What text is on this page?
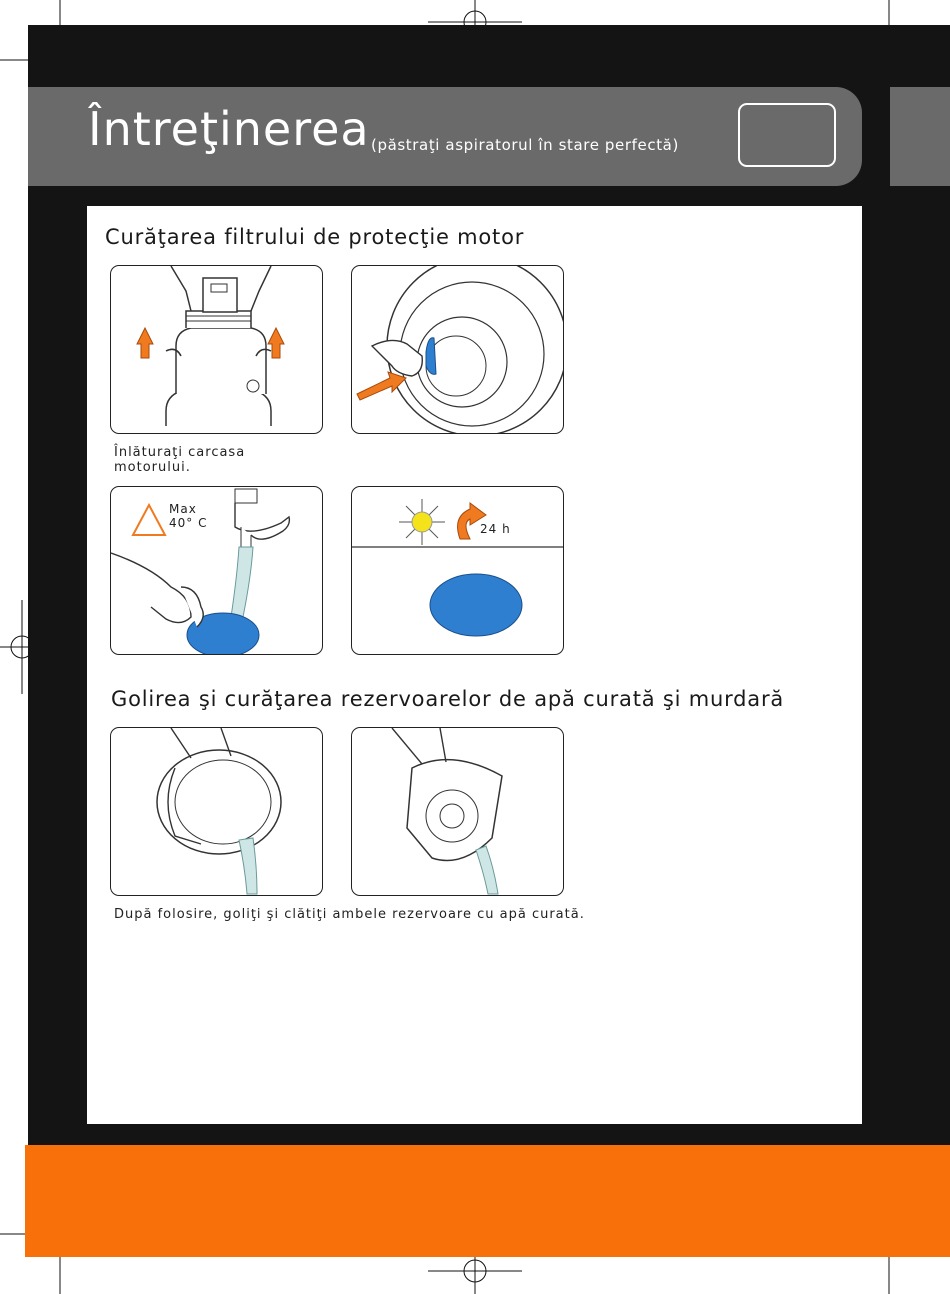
Întreţinerea (păstraţi aspiratorul în stare perfectă)
Curăţarea filtrului de protecţie motor
Înlăturaţi carcasa
motorului.
Max
40° C	24 h
Golirea şi curăţarea rezervoarelor de apă curată şi murdară
După folosire, goliţi şi clătiţi ambele rezervoare cu apă curată.
